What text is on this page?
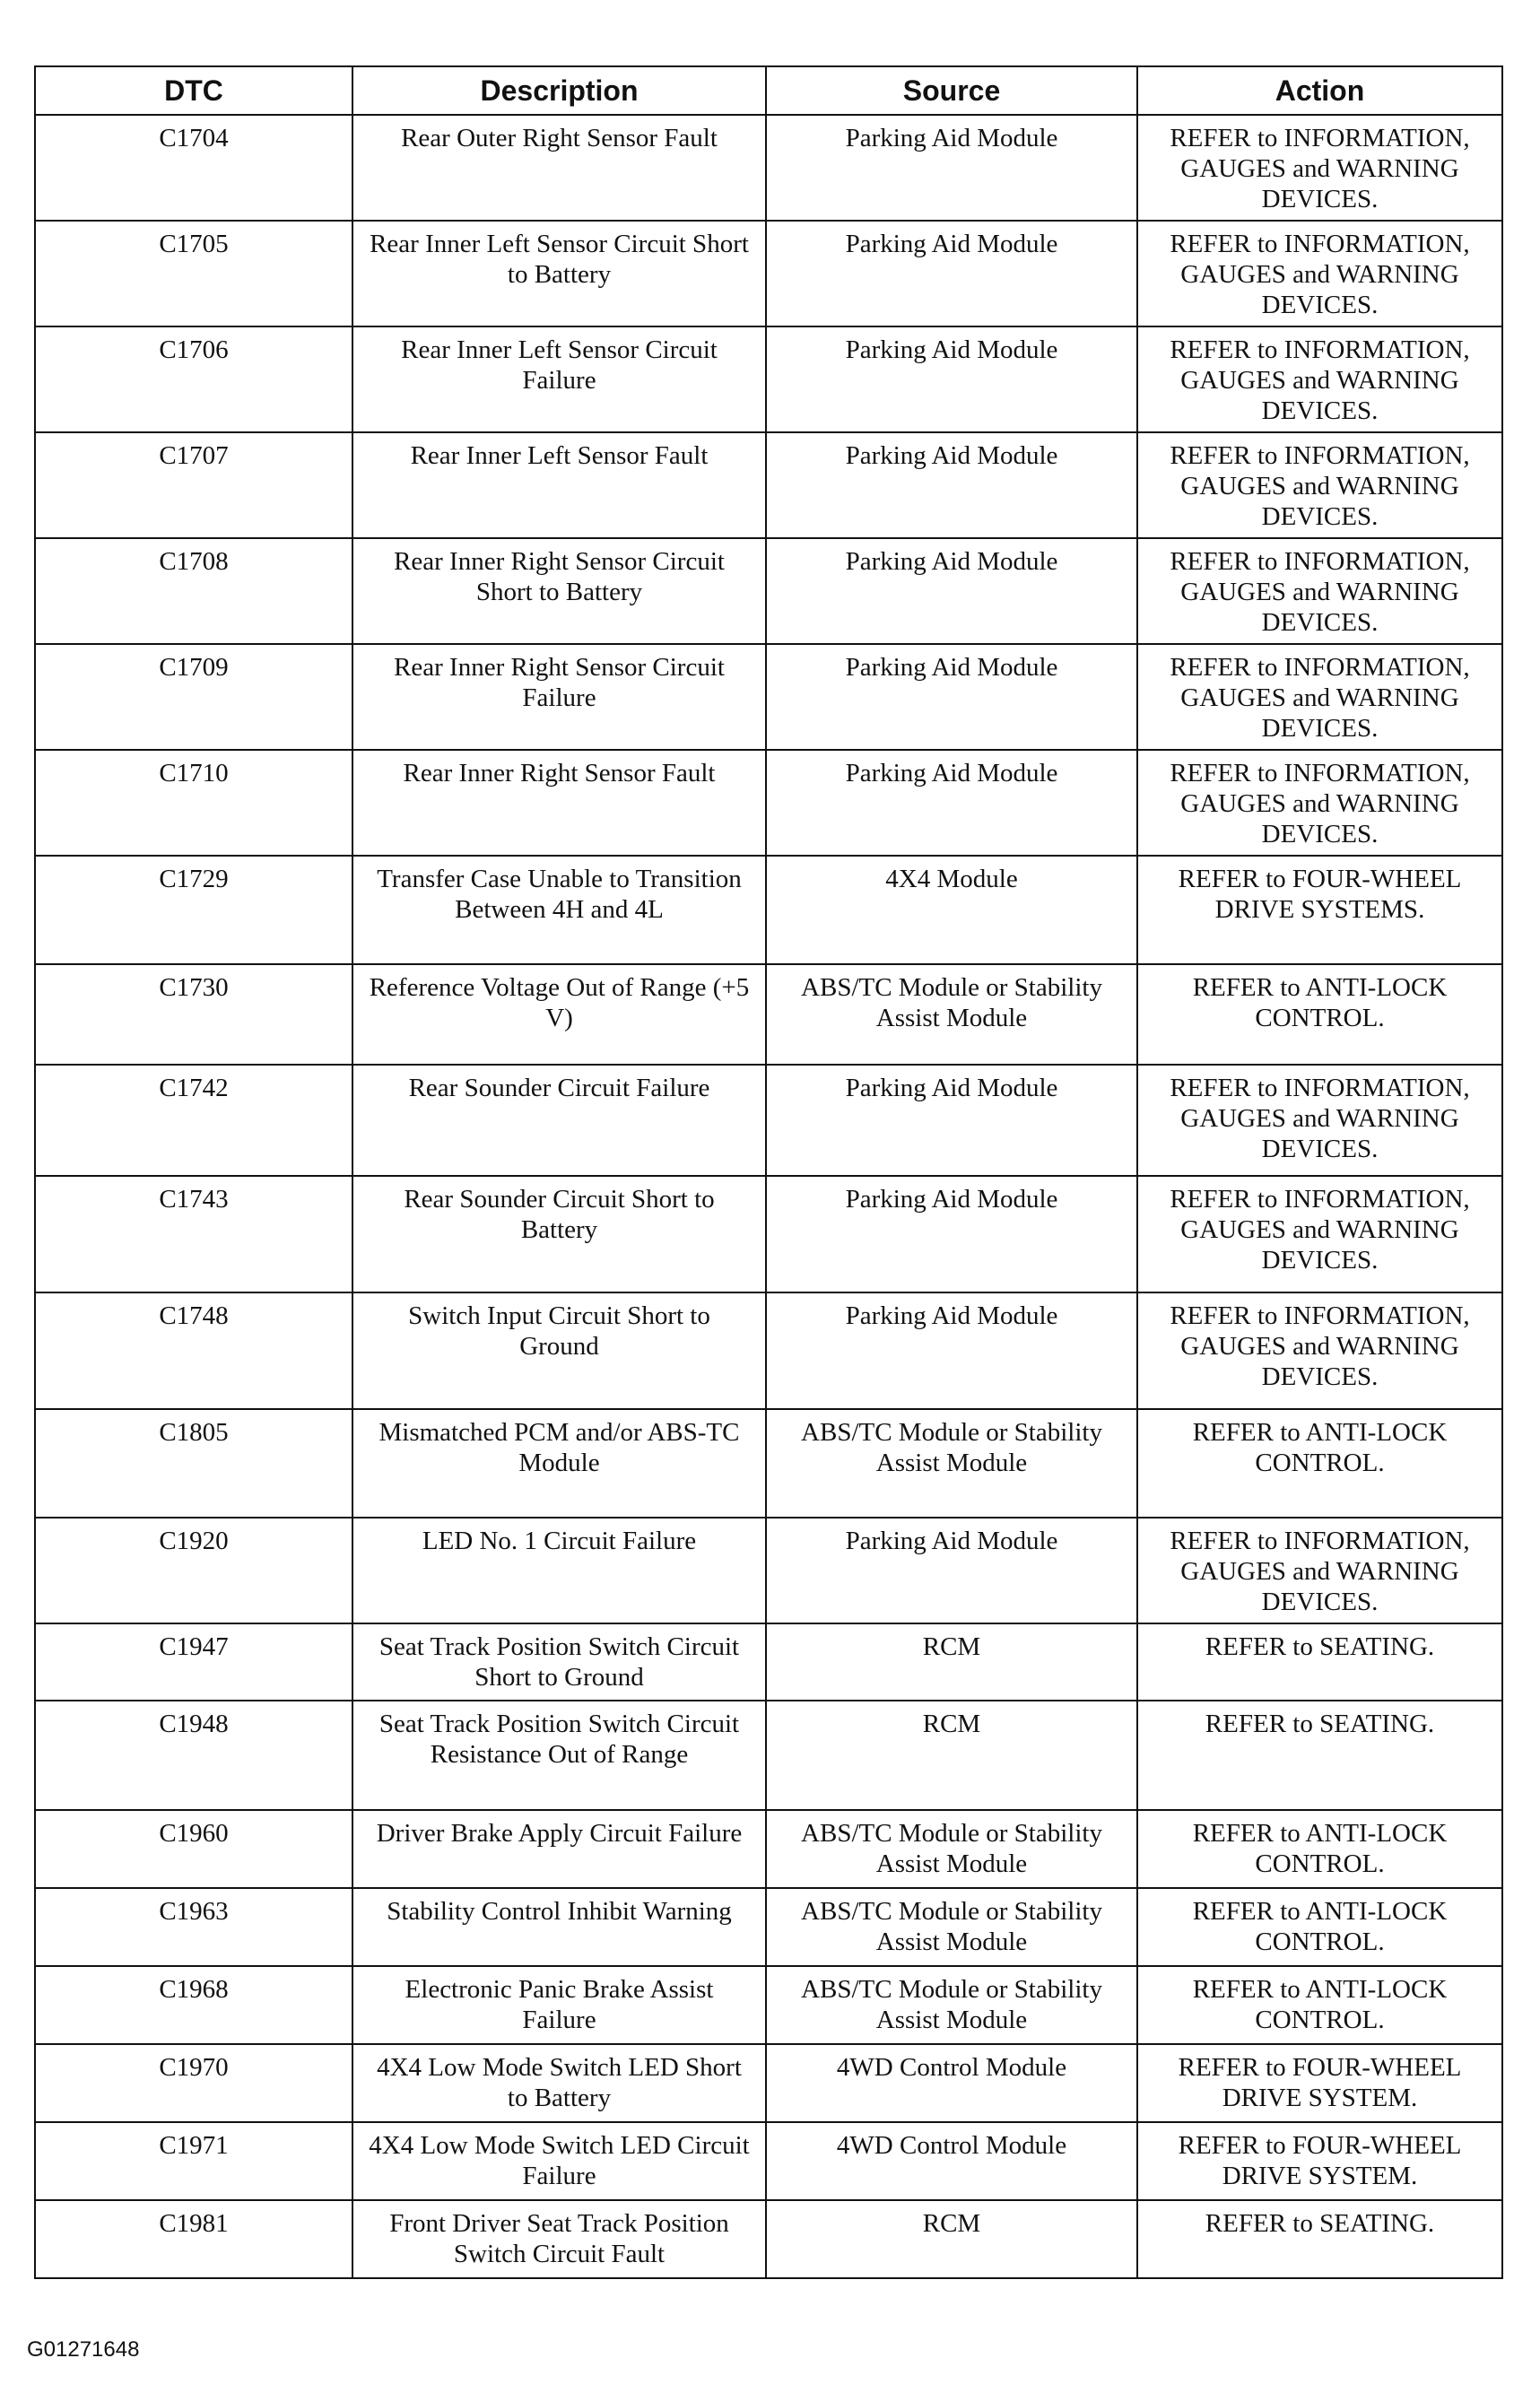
DTC	Description	Source	Action
C1704	Rear Outer Right Sensor Fault	Parking Aid Module	REFER to INFORMATION, GAUGES and WARNING DEVICES.
C1705	Rear Inner Left Sensor Circuit Short to Battery	Parking Aid Module	REFER to INFORMATION, GAUGES and WARNING DEVICES.
C1706	Rear Inner Left Sensor Circuit Failure	Parking Aid Module	REFER to INFORMATION, GAUGES and WARNING DEVICES.
C1707	Rear Inner Left Sensor Fault	Parking Aid Module	REFER to INFORMATION, GAUGES and WARNING DEVICES.
C1708	Rear Inner Right Sensor Circuit Short to Battery	Parking Aid Module	REFER to INFORMATION, GAUGES and WARNING DEVICES.
C1709	Rear Inner Right Sensor Circuit Failure	Parking Aid Module	REFER to INFORMATION, GAUGES and WARNING DEVICES.
C1710	Rear Inner Right Sensor Fault	Parking Aid Module	REFER to INFORMATION, GAUGES and WARNING DEVICES.
C1729	Transfer Case Unable to Transition Between 4H and 4L	4X4 Module	REFER to FOUR-WHEEL DRIVE SYSTEMS.
C1730	Reference Voltage Out of Range (+5 V)	ABS/TC Module or Stability Assist Module	REFER to ANTI-LOCK CONTROL.
C1742	Rear Sounder Circuit Failure	Parking Aid Module	REFER to INFORMATION, GAUGES and WARNING DEVICES.
C1743	Rear Sounder Circuit Short to Battery	Parking Aid Module	REFER to INFORMATION, GAUGES and WARNING DEVICES.
C1748	Switch Input Circuit Short to Ground	Parking Aid Module	REFER to INFORMATION, GAUGES and WARNING DEVICES.
C1805	Mismatched PCM and/or ABS-TC Module	ABS/TC Module or Stability Assist Module	REFER to ANTI-LOCK CONTROL.
C1920	LED No. 1 Circuit Failure	Parking Aid Module	REFER to INFORMATION, GAUGES and WARNING DEVICES.
C1947	Seat Track Position Switch Circuit Short to Ground	RCM	REFER to SEATING.
C1948	Seat Track Position Switch Circuit Resistance Out of Range	RCM	REFER to SEATING.
C1960	Driver Brake Apply Circuit Failure	ABS/TC Module or Stability Assist Module	REFER to ANTI-LOCK CONTROL.
C1963	Stability Control Inhibit Warning	ABS/TC Module or Stability Assist Module	REFER to ANTI-LOCK CONTROL.
C1968	Electronic Panic Brake Assist Failure	ABS/TC Module or Stability Assist Module	REFER to ANTI-LOCK CONTROL.
C1970	4X4 Low Mode Switch LED Short to Battery	4WD Control Module	REFER to FOUR-WHEEL DRIVE SYSTEM.
C1971	4X4 Low Mode Switch LED Circuit Failure	4WD Control Module	REFER to FOUR-WHEEL DRIVE SYSTEM.
C1981	Front Driver Seat Track Position Switch Circuit Fault	RCM	REFER to SEATING.
G01271648
